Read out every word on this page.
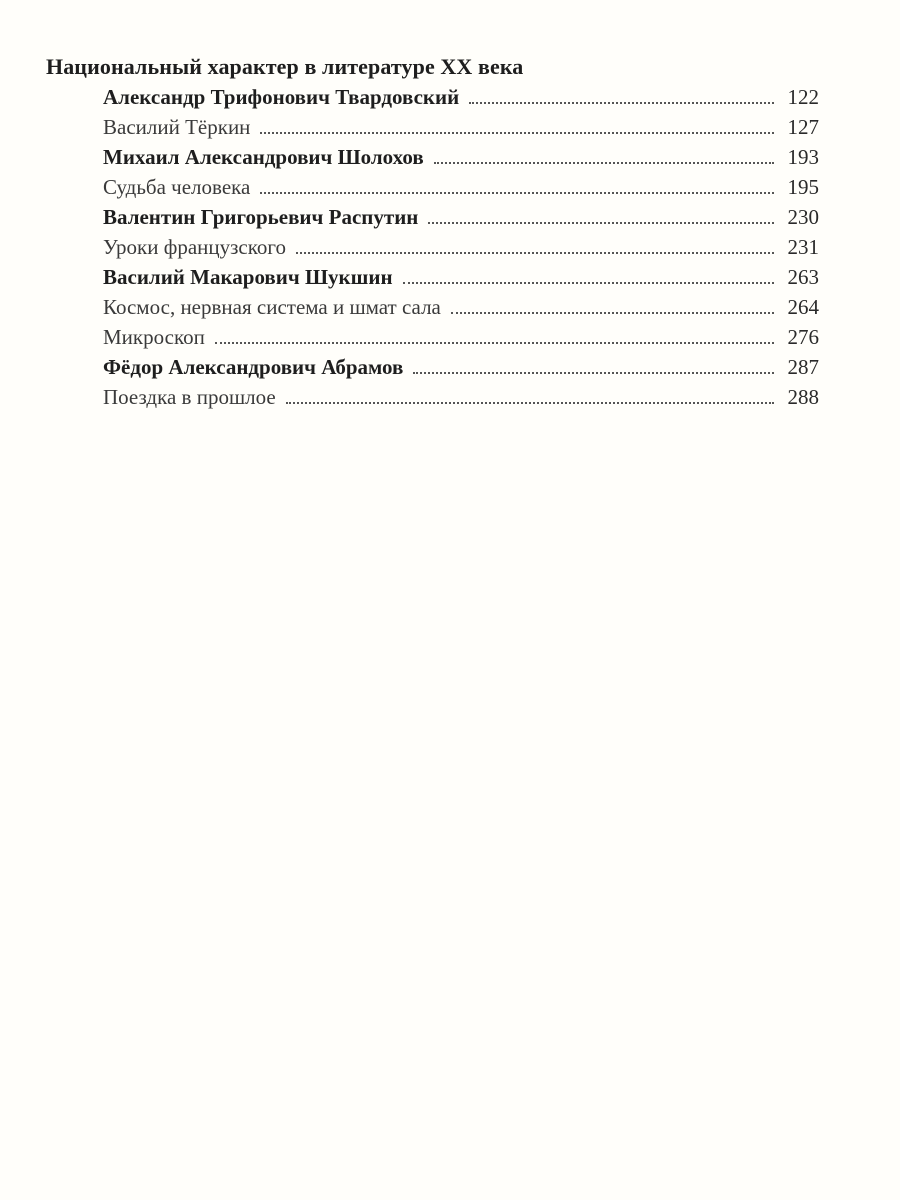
Национальный характер в литературе XX века
Александр Трифонович Твардовский	122
Василий Тёркин	127
Михаил Александрович Шолохов	193
Судьба человека	195
Валентин Григорьевич Распутин	230
Уроки французского	231
Василий Макарович Шукшин	263
Космос, нервная система и шмат сала	264
Микроскоп	276
Фёдор Александрович Абрамов	287
Поездка в прошлое	288
